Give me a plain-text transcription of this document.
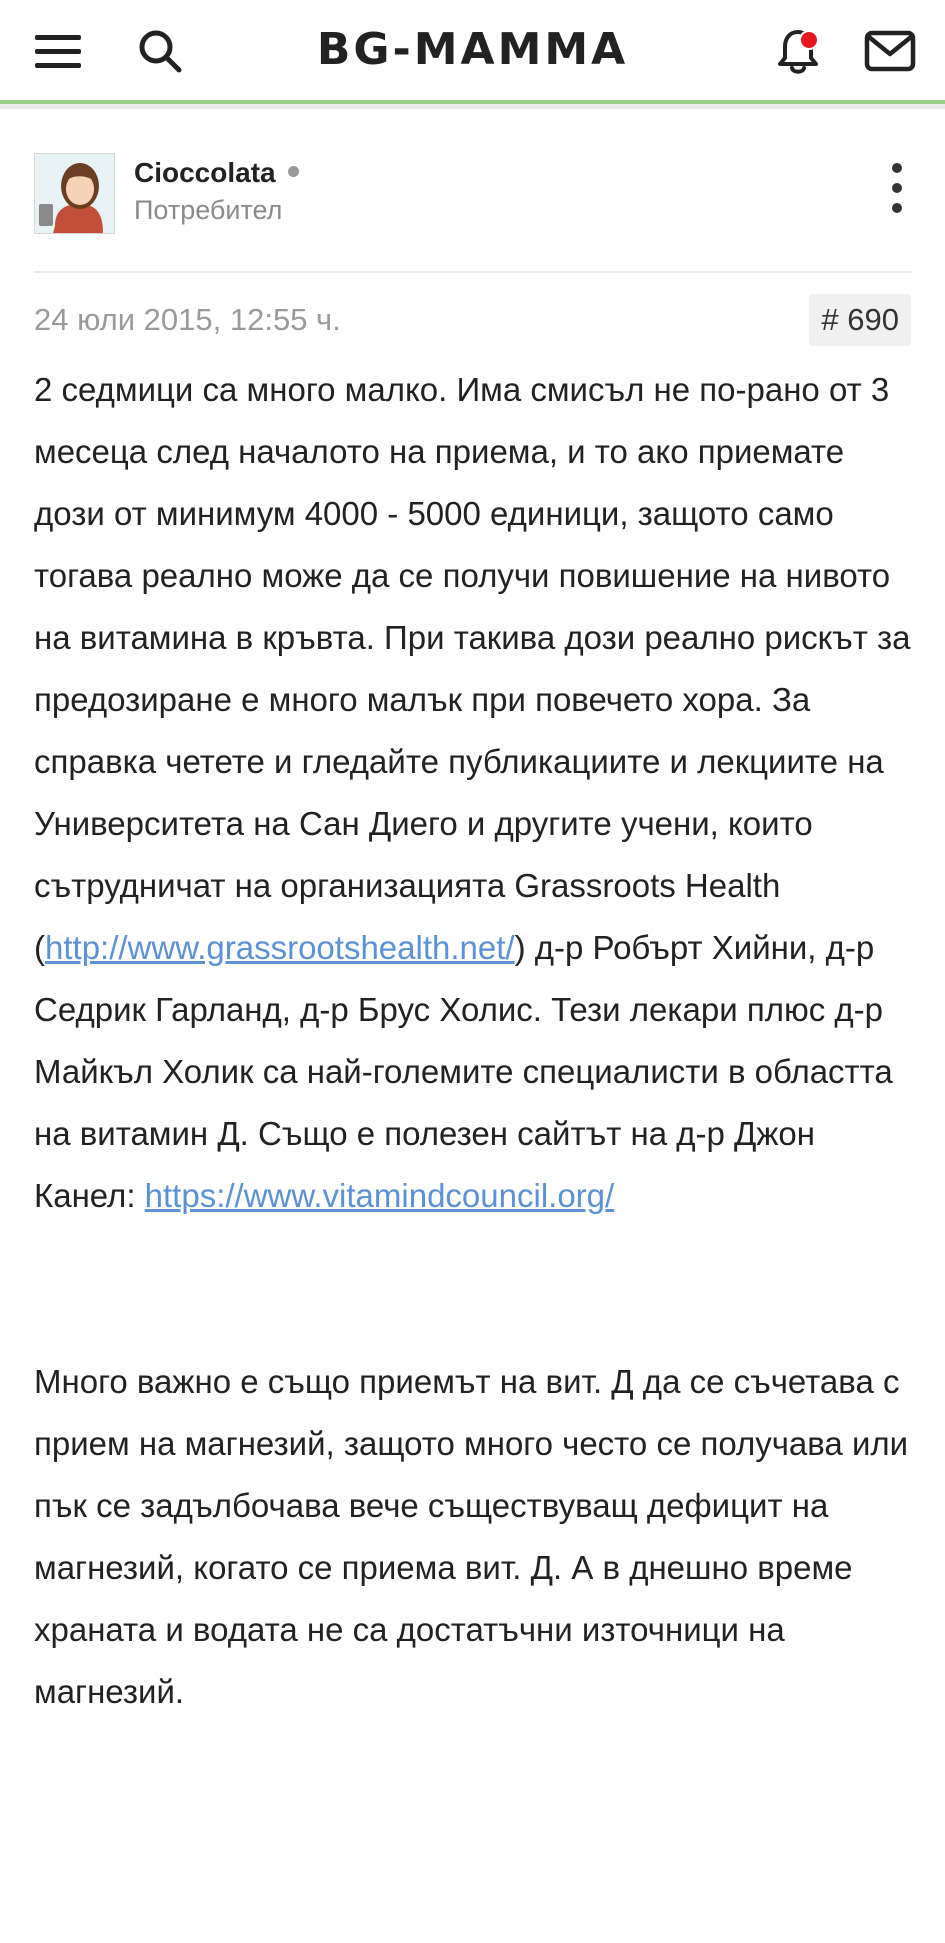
BG-MAMMA
Cioccolata
Потребител
24 юли 2015, 12:55 ч.	# 690

2 седмици са много малко. Има смисъл не по-рано от 3 месеца след началото на приема, и то ако приемате дози от минимум 4000 - 5000 единици, защото само тогава реално може да се получи повишение на нивото на витамина в кръвта. При такива дози реално рискът за предозиране е много малък при повечето хора. За справка четете и гледайте публикациите и лекциите на Университета на Сан Диего и другите учени, които сътрудничат на организацията Grassroots Health (http://www.grassrootshealth.net/) д-р Робърт Хийни, д-р Седрик Гарланд, д-р Брус Холис. Тези лекари плюс д-р Майкъл Холик са най-големите специалисти в областта на витамин Д. Също е полезен сайтът на д-р Джон Канел: https://www.vitamindcouncil.org/

Много важно е също приемът на вит. Д да се съчетава с прием на магнезий, защото много често се получава или пък се задълбочава вече съществуващ дефицит на магнезий, когато се приема вит. Д. А в днешно време храната и водата не са достатъчни източници на магнезий.
